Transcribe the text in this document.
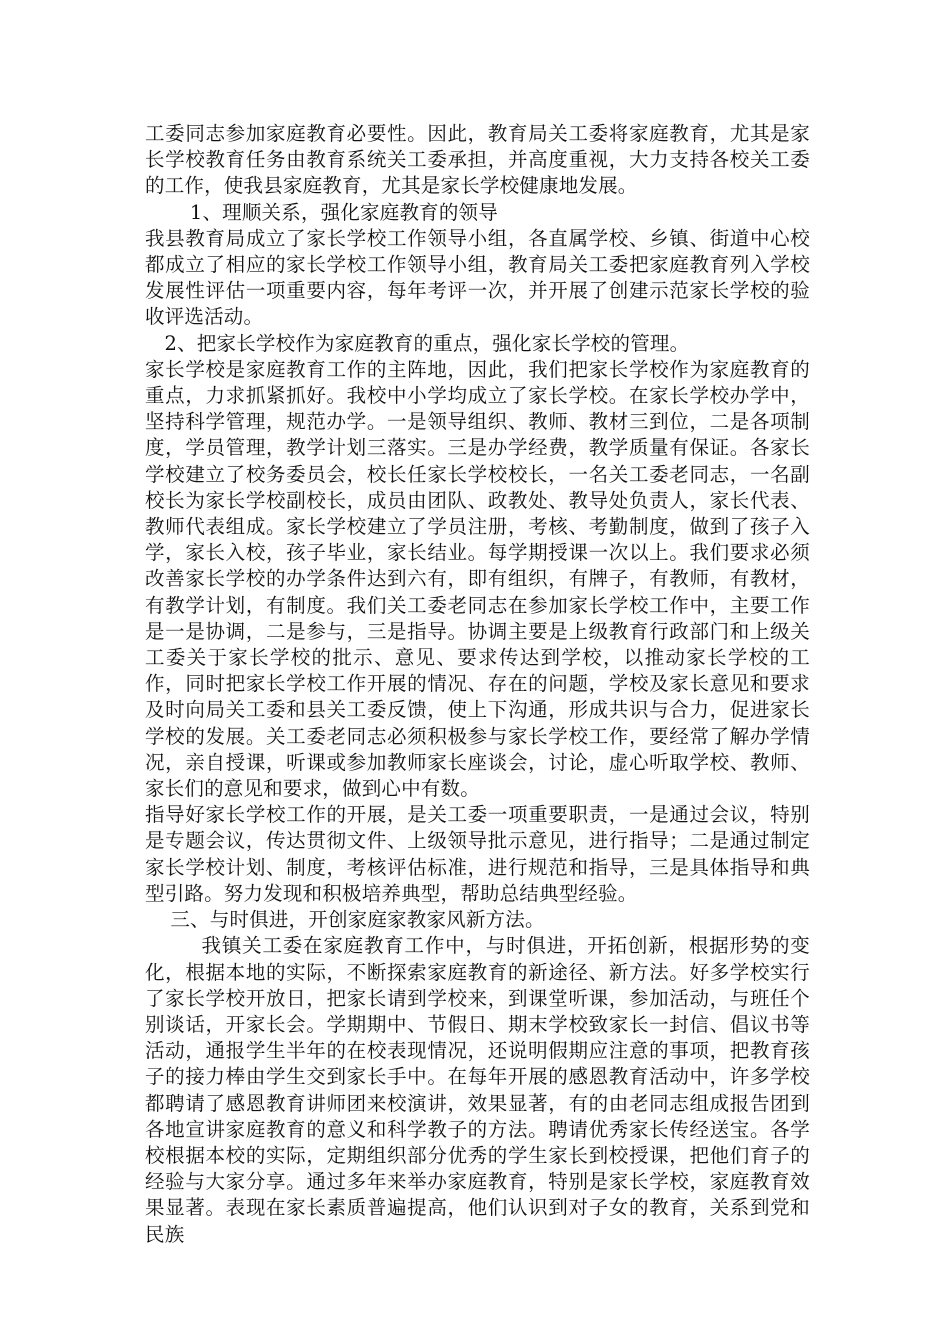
工委同志参加家庭教育必要性。因此，教育局关工委将家庭教育，尤其是家长学校教育任务由教育系统关工委承担，并高度重视，大力支持各校关工委的工作，使我县家庭教育，尤其是家长学校健康地发展。

1、理顺关系，强化家庭教育的领导

我县教育局成立了家长学校工作领导小组，各直属学校、乡镇、街道中心校都成立了相应的家长学校工作领导小组，教育局关工委把家庭教育列入学校发展性评估一项重要内容，每年考评一次，并开展了创建示范家长学校的验收评选活动。

2、把家长学校作为家庭教育的重点，强化家长学校的管理。

家长学校是家庭教育工作的主阵地，因此，我们把家长学校作为家庭教育的重点，力求抓紧抓好。我校中小学均成立了家长学校。在家长学校办学中，坚持科学管理，规范办学。一是领导组织、教师、教材三到位，二是各项制度，学员管理，教学计划三落实。三是办学经费，教学质量有保证。各家长学校建立了校务委员会，校长任家长学校校长，一名关工委老同志，一名副校长为家长学校副校长，成员由团队、政教处、教导处负责人，家长代表、教师代表组成。家长学校建立了学员注册，考核、考勤制度，做到了孩子入学，家长入校，孩子毕业，家长结业。每学期授课一次以上。我们要求必须改善家长学校的办学条件达到六有，即有组织，有牌子，有教师，有教材，有教学计划，有制度。我们关工委老同志在参加家长学校工作中，主要工作是一是协调，二是参与，三是指导。协调主要是上级教育行政部门和上级关工委关于家长学校的批示、意见、要求传达到学校，以推动家长学校的工作，同时把家长学校工作开展的情况、存在的问题，学校及家长意见和要求及时向局关工委和县关工委反馈，使上下沟通，形成共识与合力，促进家长学校的发展。关工委老同志必须积极参与家长学校工作，要经常了解办学情况，亲自授课，听课或参加教师家长座谈会，讨论，虚心听取学校、教师、家长们的意见和要求，做到心中有数。

指导好家长学校工作的开展，是关工委一项重要职责，一是通过会议，特别是专题会议，传达贯彻文件、上级领导批示意见，进行指导；二是通过制定家长学校计划、制度，考核评估标准，进行规范和指导，三是具体指导和典型引路。努力发现和积极培养典型，帮助总结典型经验。

三、与时俱进，开创家庭家教家风新方法。

我镇关工委在家庭教育工作中，与时俱进，开拓创新，根据形势的变化，根据本地的实际，不断探索家庭教育的新途径、新方法。好多学校实行了家长学校开放日，把家长请到学校来，到课堂听课，参加活动，与班任个别谈话，开家长会。学期期中、节假日、期末学校致家长一封信、倡议书等活动，通报学生半年的在校表现情况，还说明假期应注意的事项，把教育孩子的接力棒由学生交到家长手中。在每年开展的感恩教育活动中，许多学校都聘请了感恩教育讲师团来校演讲，效果显著，有的由老同志组成报告团到各地宣讲家庭教育的意义和科学教子的方法。聘请优秀家长传经送宝。各学校根据本校的实际，定期组织部分优秀的学生家长到校授课，把他们育子的经验与大家分享。通过多年来举办家庭教育，特别是家长学校，家庭教育效果显著。表现在家长素质普遍提高，他们认识到对子女的教育，关系到党和民族
